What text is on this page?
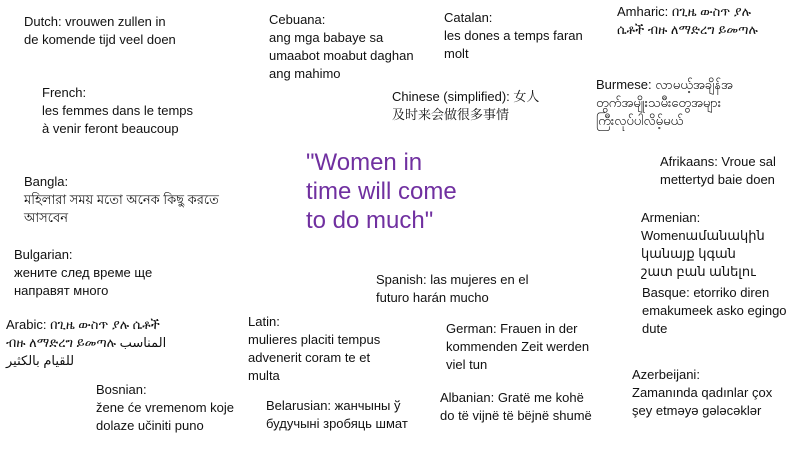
"Women in
time will come
to do much"
Dutch: vrouwen zullen in
de komende tijd veel doen
Cebuana:
ang mga babaye sa
umaabot moabut daghan
ang mahimo
Catalan:
les dones a temps faran
molt
Amharic: በጊዜ ውስጥ ያሉ
ሴቶች ብዙ ለማድረግ ይመጣሉ
French:
les femmes dans le temps
à venir feront beaucoup
Chinese (simplified): 女人
及时来会做很多事情
Burmese: လာမယ့်အချိန်အ
တွက်အမျိုးသမီးတွေအများ
ကြီးလုပ်ပါလိမ့်မယ်
Bangla:
মহিলারা সময় মতো অনেক কিছু করতে
আসবেন
Afrikaans: Vroue sal
mettertyd baie doen
Armenian: Womenամանակին կանայք կգան
շատ բան անելու
Bulgarian:
жените след време ще
направят много
Spanish: las mujeres en el
futuro harán mucho	Basque: etorriko diren
emakumeek asko egingo
dute
Arabic: በጊዜ ውስጥ ያሉ ሴቶች
ብዙ ለማድረግ ይመጣሉ المناسب
للقيام بالكثير
Latin:
mulieres placiti tempus
advenerit coram te et
multa
German: Frauen in der
kommenden Zeit werden
viel tun
Azerbeijani:
Zamanında qadınlar çox
şey etməyə gələcəklər
Bosnian:
žene će vremenom koje
dolaze učiniti puno
Belarusian: жанчыны ў
будучыні зробяць шмат
Albanian: Gratë me kohë
do të vijnë të bëjnë shumë
